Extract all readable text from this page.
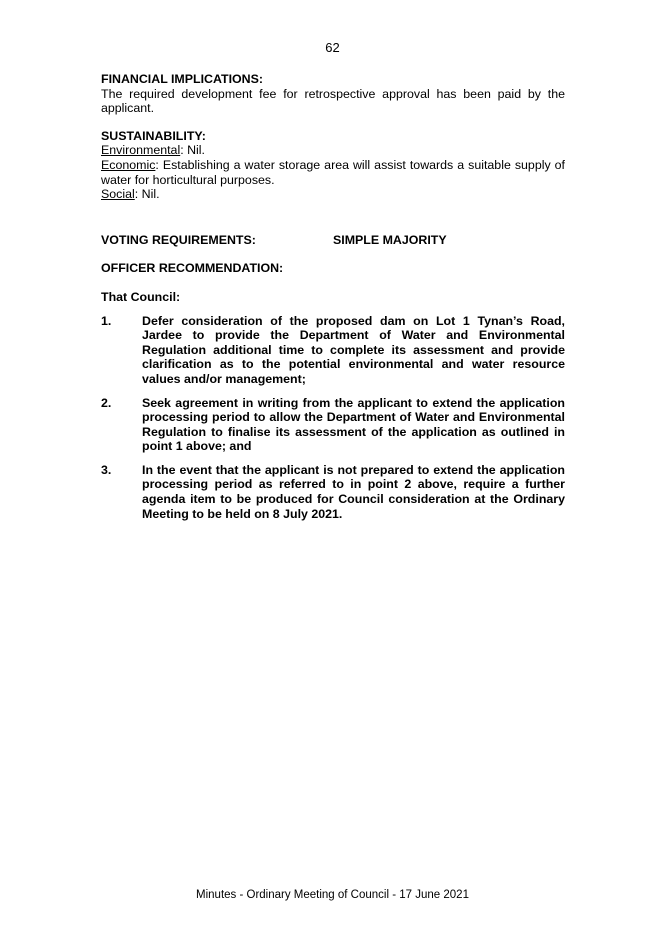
62

FINANCIAL IMPLICATIONS:

The required development fee for retrospective approval has been paid by the applicant.

SUSTAINABILITY:

Environmental: Nil.

Economic: Establishing a water storage area will assist towards a suitable supply of water for horticultural purposes.

Social: Nil.

VOTING REQUIREMENTS:	SIMPLE MAJORITY

OFFICER RECOMMENDATION:

That Council:

1.	Defer consideration of the proposed dam on Lot 1 Tynan’s Road, Jardee to provide the Department of Water and Environmental Regulation additional time to complete its assessment and provide clarification as to the potential environmental and water resource values and/or management;
2.	Seek agreement in writing from the applicant to extend the application processing period to allow the Department of Water and Environmental Regulation to finalise its assessment of the application as outlined in point 1 above; and
3.	In the event that the applicant is not prepared to extend the application processing period as referred to in point 2 above, require a further agenda item to be produced for Council consideration at the Ordinary Meeting to be held on 8 July 2021.
Minutes - Ordinary Meeting of Council - 17 June 2021
